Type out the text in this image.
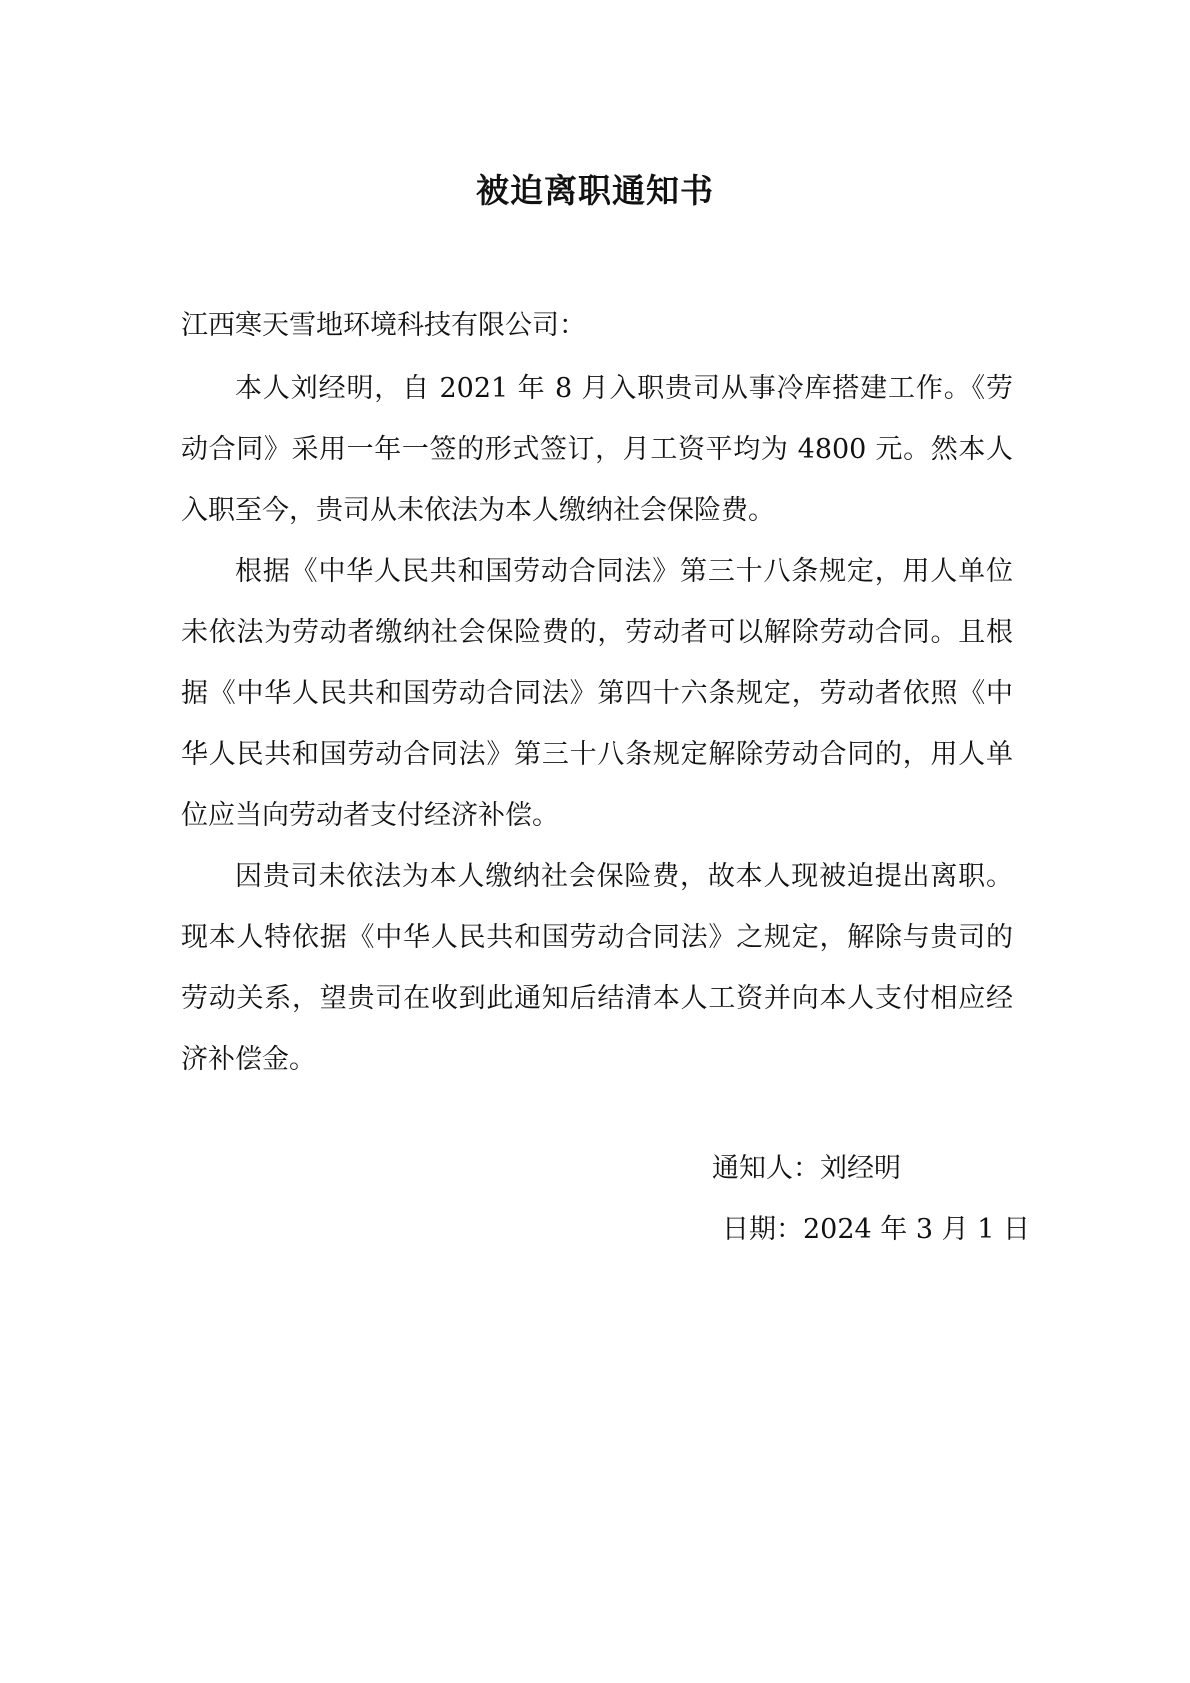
被迫离职通知书

江西寒天雪地环境科技有限公司：

本人刘经明，自 2021 年 8 月入职贵司从事冷库搭建工作。《劳动合同》采用一年一签的形式签订，月工资平均为 4800 元。然本人入职至今，贵司从未依法为本人缴纳社会保险费。

根据《中华人民共和国劳动合同法》第三十八条规定，用人单位未依法为劳动者缴纳社会保险费的，劳动者可以解除劳动合同。且根据《中华人民共和国劳动合同法》第四十六条规定，劳动者依照《中华人民共和国劳动合同法》第三十八条规定解除劳动合同的，用人单位应当向劳动者支付经济补偿。

因贵司未依法为本人缴纳社会保险费，故本人现被迫提出离职。现本人特依据《中华人民共和国劳动合同法》之规定，解除与贵司的劳动关系，望贵司在收到此通知后结清本人工资并向本人支付相应经济补偿金。

通知人：刘经明
日期：2024 年 3 月 1 日
